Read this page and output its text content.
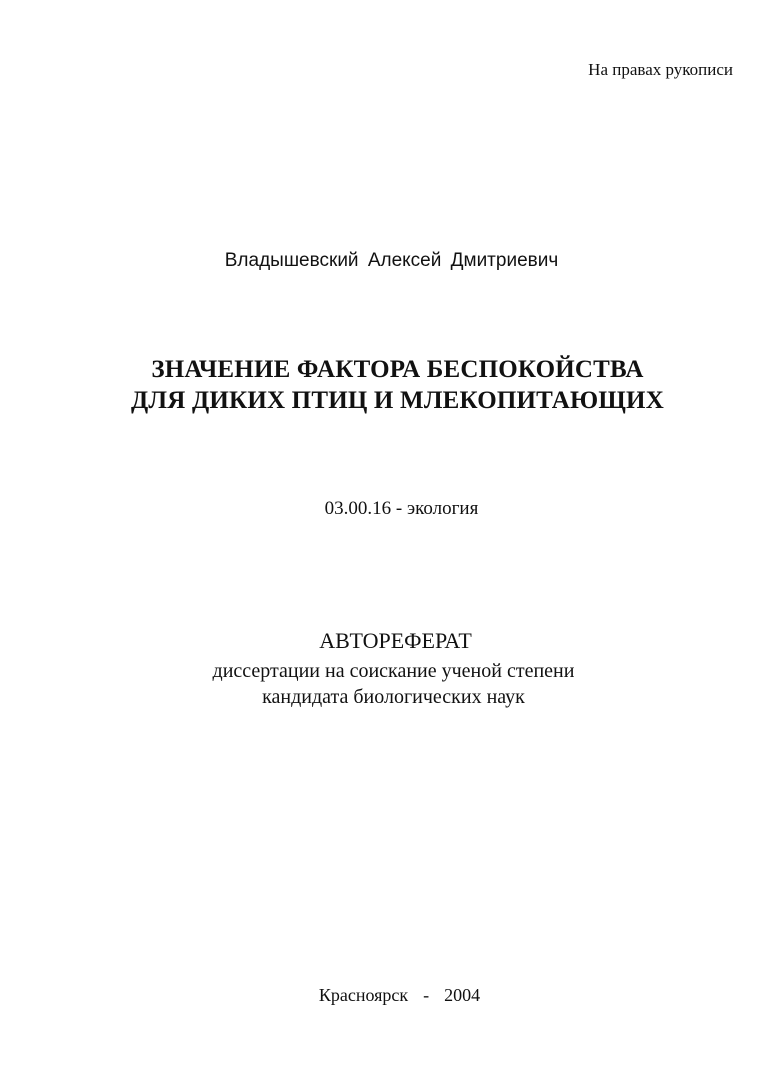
На правах рукописи
Владышевский Алексей Дмитриевич
ЗНАЧЕНИЕ ФАКТОРА БЕСПОКОЙСТВА
ДЛЯ ДИКИХ ПТИЦ И МЛЕКОПИТАЮЩИХ
03.00.16 - экология
АВТОРЕФЕРАТ
диссертации на соискание ученой степени
кандидата биологических наук
Красноярск  -  2004
